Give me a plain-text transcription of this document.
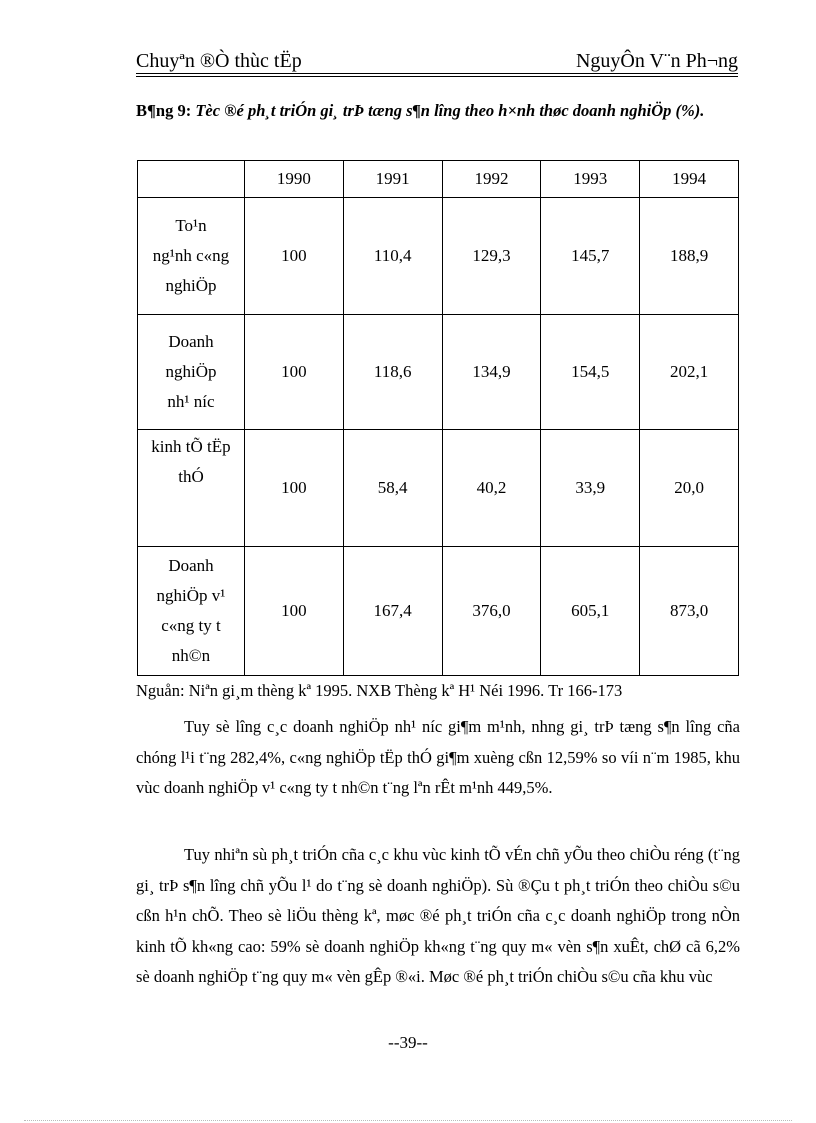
Chuyªn ®Ò thùc tËp	NguyÔn V¨n Ph¬ng
B¶ng 9: Tèc ®é ph¸t triÓn gi¸ trÞ tæng s¶n lîng theo h×nh thøc doanh nghiÖp (%).
	1990	1991	1992	1993	1994

To¹n
ng¹nh c«ng
nghiÖp	100	110,4	129,3	145,7	188,9

Doanh
nghiÖp
nh¹ níc	100	118,6	134,9	154,5	202,1

kinh tÕ tËp
thÓ	100	58,4	40,2	33,9	20,0

Doanh
nghiÖp v¹
c«ng ty t
nh©n	100	167,4	376,0	605,1	873,0
Nguån: Niªn gi¸m thèng kª 1995. NXB Thèng kª H¹ Néi 1996. Tr 166-173
Tuy sè lîng c¸c doanh nghiÖp nh¹ níc gi¶m m¹nh, nhng gi¸ trÞ tæng s¶n lîng cña chóng l¹i t¨ng 282,4%, c«ng nghiÖp tËp thÓ gi¶m xuèng cßn 12,59% so víi n¨m 1985, khu vùc doanh nghiÖp v¹ c«ng ty t nh©n t¨ng lªn rÊt m¹nh 449,5%.
Tuy nhiªn sù ph¸t triÓn cña c¸c khu vùc kinh tÕ vÉn chñ yÕu theo chiÒu réng (t¨ng gi¸ trÞ s¶n lîng chñ yÕu l¹ do t¨ng sè doanh nghiÖp). Sù ®Çu t ph¸t triÓn theo chiÒu s©u cßn h¹n chÕ. Theo sè liÖu thèng kª, møc ®é ph¸t triÓn cña c¸c doanh nghiÖp trong nÒn kinh tÕ kh«ng cao: 59% sè doanh nghiÖp kh«ng t¨ng quy m« vèn s¶n xuÊt, chØ cã 6,2% sè doanh nghiÖp t¨ng quy m« vèn gÊp ®«i. Møc ®é ph¸t triÓn chiÒu s©u cña khu vùc
--39--
